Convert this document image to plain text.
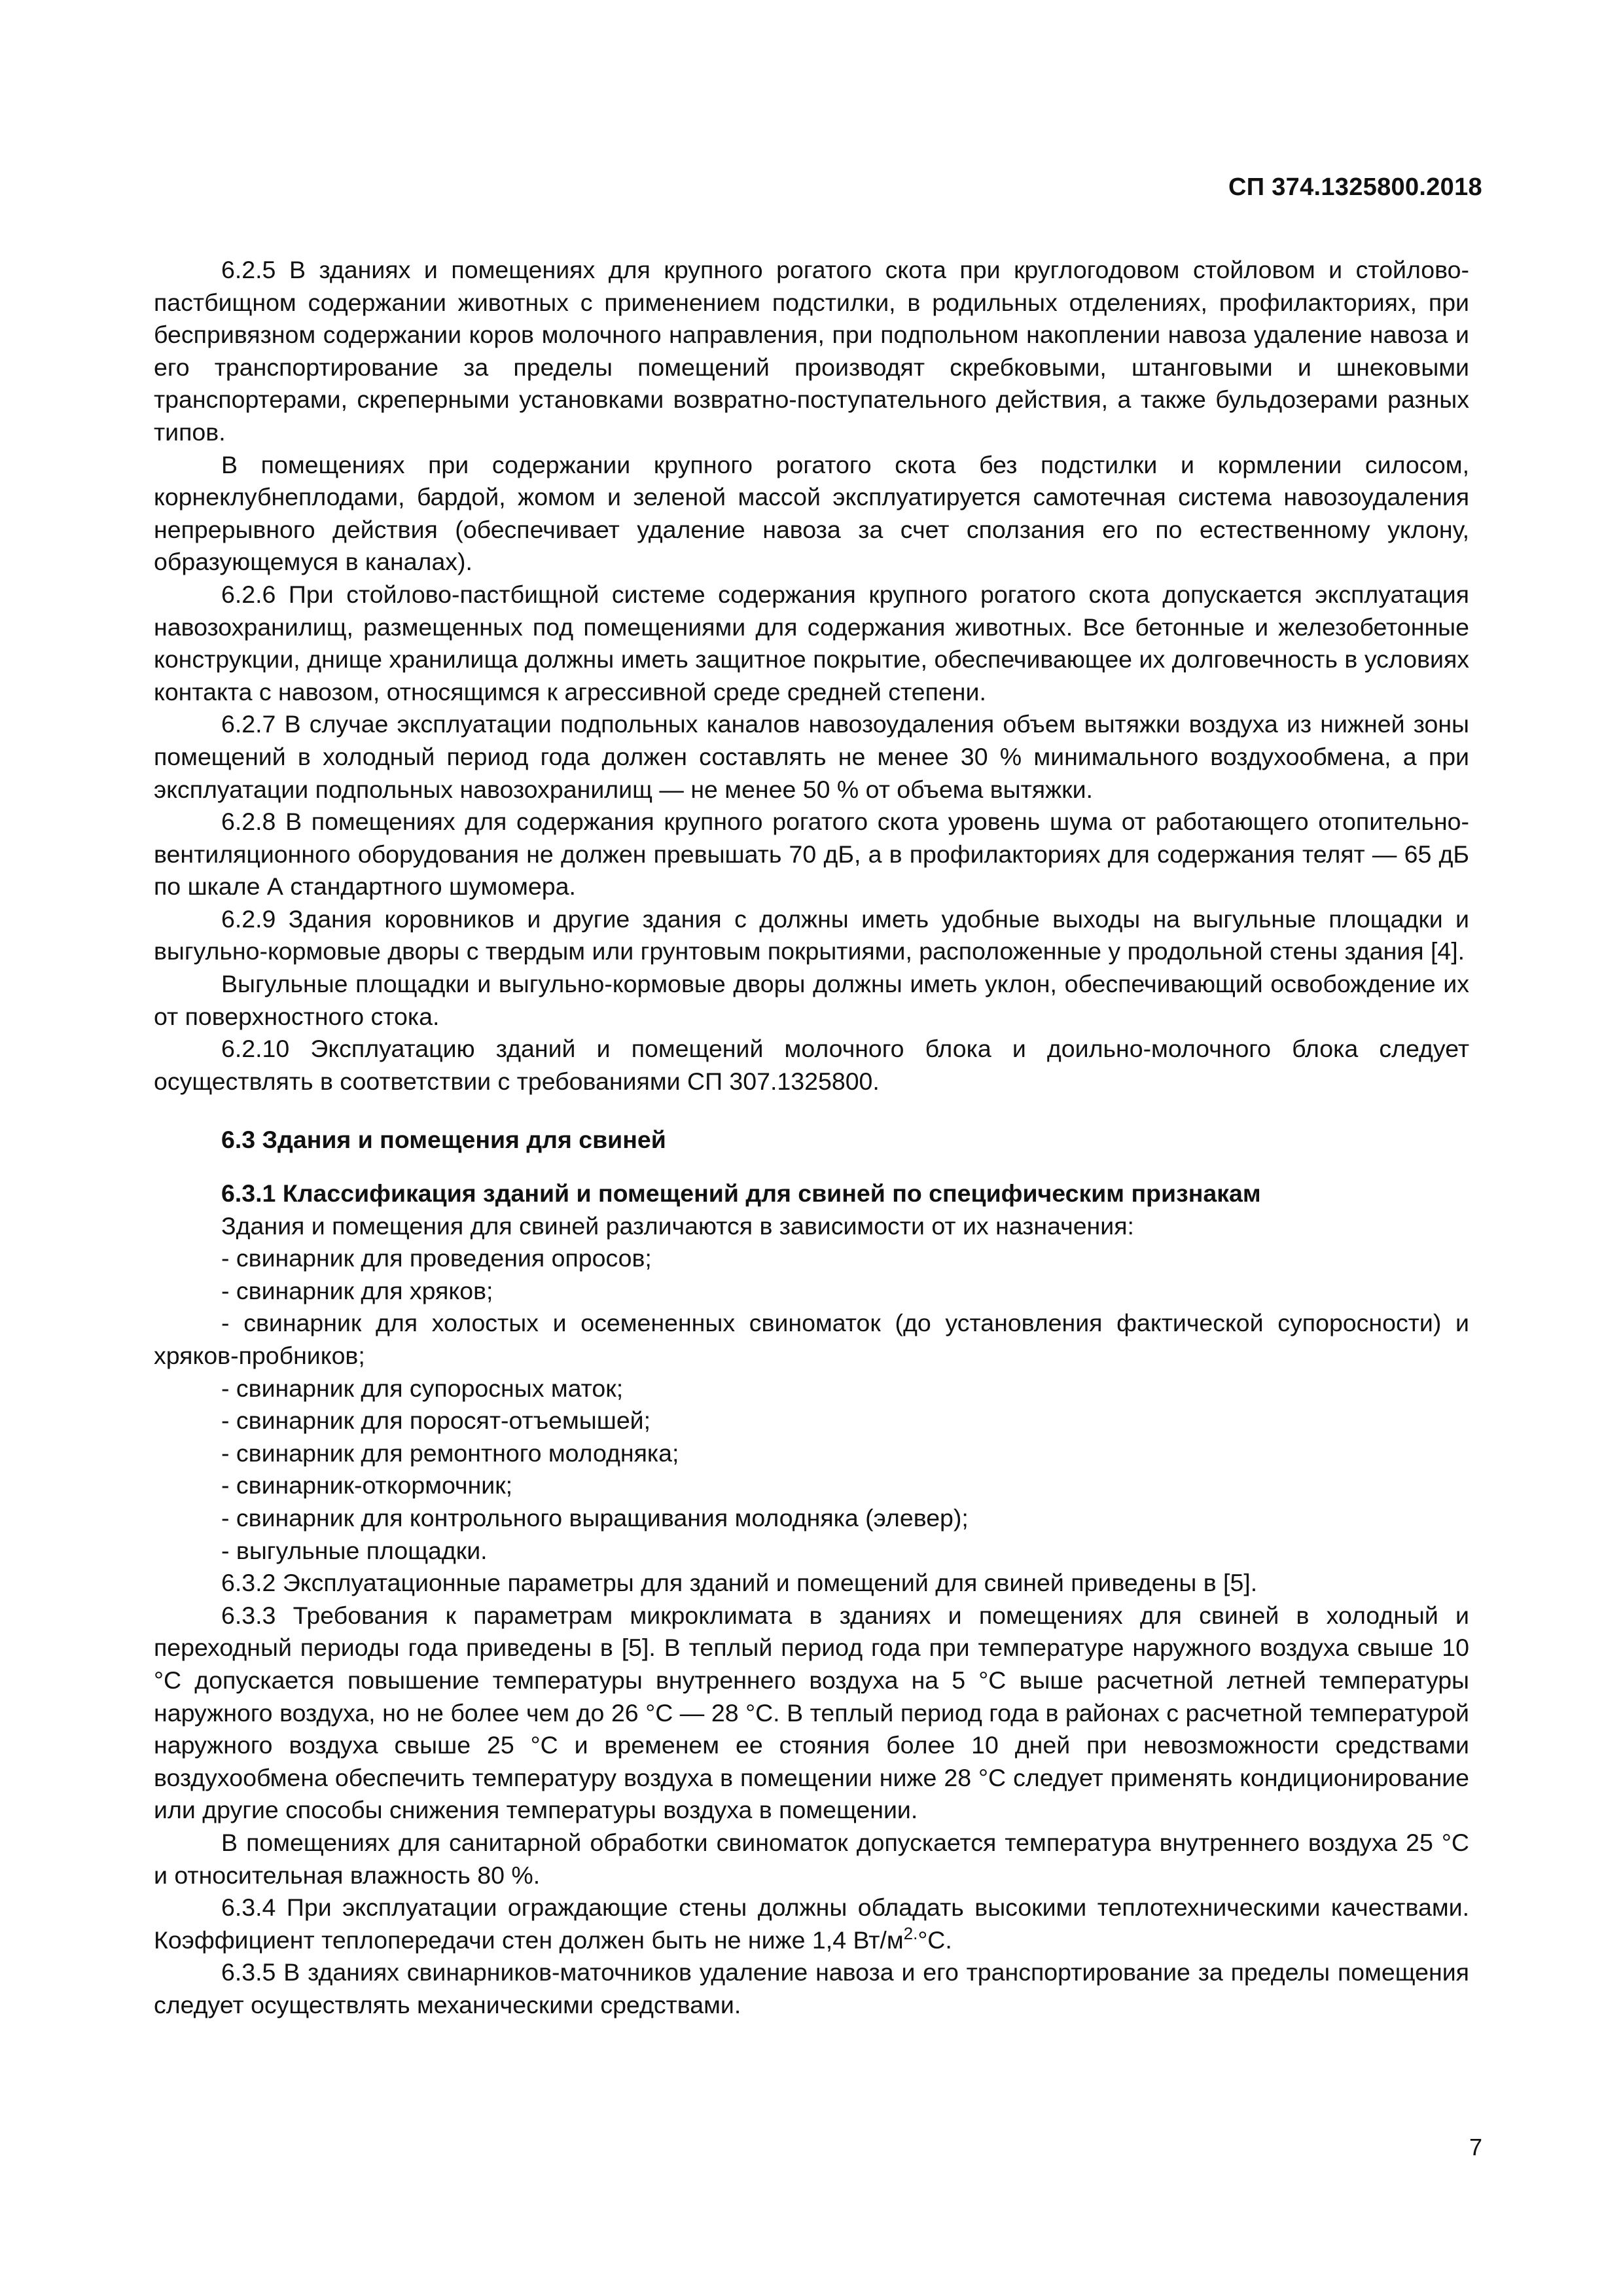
СП 374.1325800.2018

6.2.5 В зданиях и помещениях для крупного рогатого скота при круглогодовом стойловом и стойлово-пастбищном содержании животных с применением подстилки, в родильных отделениях, профилакториях, при беспривязном содержании коров молочного направления, при подпольном накоплении навоза удаление навоза и его транспортирование за пределы помещений производят скребковыми, штанговыми и шнековыми транспортерами, скреперными установками возвратно-поступательного действия, а также бульдозерами разных типов.

В помещениях при содержании крупного рогатого скота без подстилки и кормлении силосом, корнеклубнеплодами, бардой, жомом и зеленой массой эксплуатируется самотечная система навозоудаления непрерывного действия (обеспечивает удаление навоза за счет сползания его по естественному уклону, образующемуся в каналах).

6.2.6 При стойлово-пастбищной системе содержания крупного рогатого скота допускается эксплуатация навозохранилищ, размещенных под помещениями для содержания животных. Все бетонные и железобетонные конструкции, днище хранилища должны иметь защитное покрытие, обеспечивающее их долговечность в условиях контакта с навозом, относящимся к агрессивной среде средней степени.

6.2.7 В случае эксплуатации подпольных каналов навозоудаления объем вытяжки воздуха из нижней зоны помещений в холодный период года должен составлять не менее 30 % минимального воздухообмена, а при эксплуатации подпольных навозохранилищ — не менее 50 % от объема вытяжки.

6.2.8 В помещениях для содержания крупного рогатого скота уровень шума от работающего отопительно-вентиляционного оборудования не должен превышать 70 дБ, а в профилакториях для содержания телят — 65 дБ по шкале А стандартного шумомера.

6.2.9 Здания коровников и другие здания с должны иметь удобные выходы на выгульные площадки и выгульно-кормовые дворы с твердым или грунтовым покрытиями, расположенные у продольной стены здания [4].

Выгульные площадки и выгульно-кормовые дворы должны иметь уклон, обеспечивающий освобождение их от поверхностного стока.

6.2.10 Эксплуатацию зданий и помещений молочного блока и доильно-молочного блока следует осуществлять в соответствии с требованиями СП 307.1325800.

6.3 Здания и помещения для свиней

6.3.1 Классификация зданий и помещений для свиней по специфическим признакам

Здания и помещения для свиней различаются в зависимости от их назначения:

- свинарник для проведения опросов;

- свинарник для хряков;

- свинарник для холостых и осемененных свиноматок (до установления фактической супоросности) и хряков-пробников;

- свинарник для супоросных маток;

- свинарник для поросят-отъемышей;

- свинарник для ремонтного молодняка;

- свинарник-откормочник;

- свинарник для контрольного выращивания молодняка (элевер);

- выгульные площадки.

6.3.2 Эксплуатационные параметры для зданий и помещений для свиней приведены в [5].

6.3.3 Требования к параметрам микроклимата в зданиях и помещениях для свиней в холодный и переходный периоды года приведены в [5]. В теплый период года при температуре наружного воздуха свыше 10 °С допускается повышение температуры внутреннего воздуха на 5 °С выше расчетной летней температуры наружного воздуха, но не более чем до 26 °С — 28 °С. В теплый период года в районах с расчетной температурой наружного воздуха свыше 25 °С и временем ее стояния более 10 дней при невозможности средствами воздухообмена обеспечить температуру воздуха в помещении ниже 28 °С следует применять кондиционирование или другие способы снижения температуры воздуха в помещении.

В помещениях для санитарной обработки свиноматок допускается температура внутреннего воздуха 25 °С и относительная влажность 80 %.

6.3.4 При эксплуатации ограждающие стены должны обладать высокими теплотехническими качествами. Коэффициент теплопередачи стен должен быть не ниже 1,4 $Вт/м^{2.}^\circ С$.

6.3.5 В зданиях свинарников-маточников удаление навоза и его транспортирование за пределы помещения следует осуществлять механическими средствами.

7
